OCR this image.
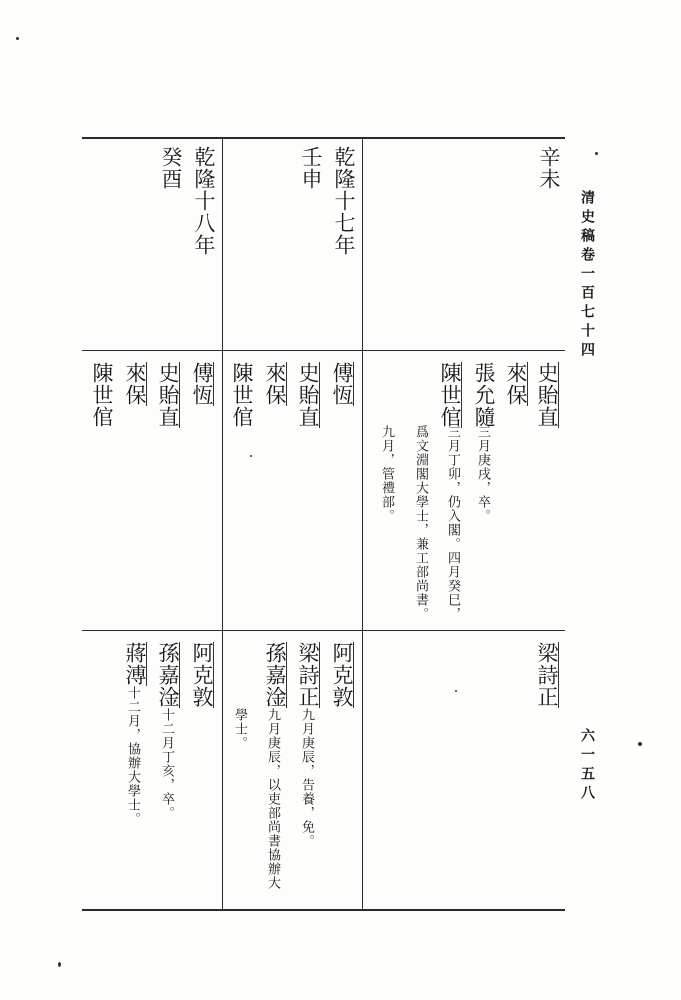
清史稿卷一百七十四
六一五八
辛未
史貽直
來保
張允隨
三月庚戌，卒。
陳世倌
三月丁卯，仍入閣。四月癸巳，
爲文淵閣大學士，兼工部尚書。
九月，管禮部。
梁詩正
乾隆十七年
壬申
傅恆
史貽直
來保
陳世倌
阿克敦
梁詩正
九月庚辰，告養，免。
孫嘉淦
九月庚辰，以吏部尚書協辦大
學士。
乾隆十八年
癸酉
傅恆
史貽直
來保
陳世倌
阿克敦
孫嘉淦
十二月丁亥，卒。
蔣溥
十二月，協辦大學士。
